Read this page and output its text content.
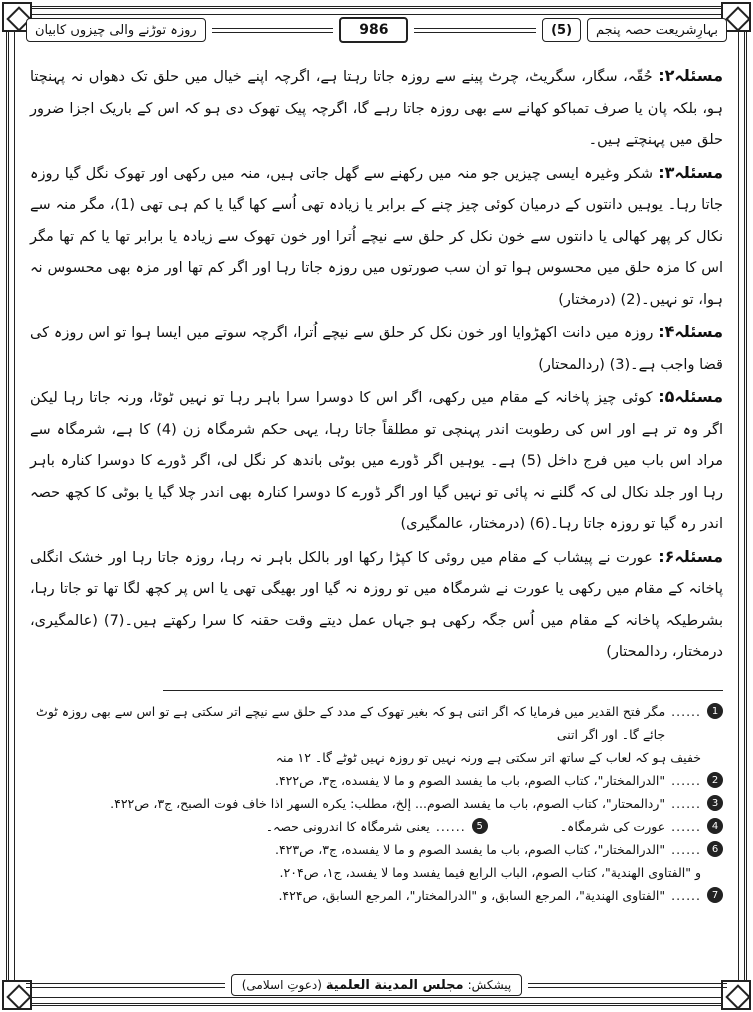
بہارِشریعت حصہ پنجم
(5)
986
روزہ توڑنے والی چیزوں کابیان

مسئلہ۲: حُقّہ، سگار، سگریٹ، چرٹ پینے سے روزہ جاتا رہتا ہے، اگرچہ اپنے خیال میں حلق تک دھواں نہ پہنچتا ہو، بلکہ پان یا صرف تمباکو کھانے سے بھی روزہ جاتا رہے گا، اگرچہ پیک تھوک دی ہو کہ اس کے باریک اجزا ضرور حلق میں پہنچتے ہیں۔

مسئلہ۳: شکر وغیرہ ایسی چیزیں جو منہ میں رکھنے سے گھل جاتی ہیں، منہ میں رکھی اور تھوک نگل گیا روزہ جاتا رہا۔ یوہیں دانتوں کے درمیان کوئی چیز چنے کے برابر یا زیادہ تھی اُسے کھا گیا یا کم ہی تھی (1)، مگر منہ سے نکال کر پھر کھالی یا دانتوں سے خون نکل کر حلق سے نیچے اُترا اور خون تھوک سے زیادہ یا برابر تھا یا کم تھا مگر اس کا مزہ حلق میں محسوس ہوا تو ان سب صورتوں میں روزہ جاتا رہا اور اگر کم تھا اور مزہ بھی محسوس نہ ہوا، تو نہیں۔(2) (درمختار)

مسئلہ۴: روزہ میں دانت اکھڑوایا اور خون نکل کر حلق سے نیچے اُترا، اگرچہ سوتے میں ایسا ہوا تو اس روزہ کی قضا واجب ہے۔(3) (ردالمحتار)

مسئلہ۵: کوئی چیز پاخانہ کے مقام میں رکھی، اگر اس کا دوسرا سرا باہر رہا تو نہیں ٹوٹا، ورنہ جاتا رہا لیکن اگر وہ تر ہے اور اس کی رطوبت اندر پہنچی تو مطلقاً جاتا رہا، یہی حکم شرمگاہ زن (4) کا ہے، شرمگاہ سے مراد اس باب میں فرج داخل (5) ہے۔ یوہیں اگر ڈورے میں بوٹی باندھ کر نگل لی، اگر ڈورے کا دوسرا کنارہ باہر رہا اور جلد نکال لی کہ گلنے نہ پائی تو نہیں گیا اور اگر ڈورے کا دوسرا کنارہ بھی اندر چلا گیا یا بوٹی کا کچھ حصہ اندر رہ گیا تو روزہ جاتا رہا۔(6) (درمختار، عالمگیری)

مسئلہ۶: عورت نے پیشاب کے مقام میں روئی کا کپڑا رکھا اور بالکل باہر نہ رہا، روزہ جاتا رہا اور خشک انگلی پاخانہ کے مقام میں رکھی یا عورت نے شرمگاہ میں تو روزہ نہ گیا اور بھیگی تھی یا اس پر کچھ لگا تھا تو جاتا رہا، بشرطیکہ پاخانہ کے مقام میں اُس جگہ رکھی ہو جہاں عمل دیتے وقت حقنہ کا سرا رکھتے ہیں۔(7) (عالمگیری، درمختار، ردالمحتار)

1
......
مگر فتح القدیر میں فرمایا کہ اگر اتنی ہو کہ بغیر تھوک کے مدد کے حلق سے نیچے اتر سکتی ہے تو اس سے بھی روزہ ٹوٹ جائے گا۔ اور اگر اتنی
خفیف ہو کہ لعاب کے ساتھ اتر سکتی ہے ورنہ نہیں تو روزہ نہیں ٹوٹے گا۔ ۱۲ منہ
2
......
"الدرالمختار"، کتاب الصوم، باب ما یفسد الصوم و ما لا یفسده، ج۳، ص۴۲۲.
3
......
"ردالمحتار"، کتاب الصوم، باب ما یفسد الصوم... إلخ، مطلب: یکره السهر اذا خاف فوت الصبح، ج۳، ص۴۲۲.
4
......
عورت کی شرمگاہ۔
5
......
یعنی شرمگاہ کا اندرونی حصہ۔
6
......
"الدرالمختار"، کتاب الصوم، باب ما یفسد الصوم و ما لا یفسده، ج۳، ص۴۲۳.
و "الفتاوی الهندیة"، کتاب الصوم، الباب الرابع فیما یفسد وما لا یفسد، ج۱، ص۲۰۴.
7
......
"الفتاوی الهندیة"، المرجع السابق، و "الدرالمختار"، المرجع السابق، ص۴۲۴.
پیشکش:
مجلس المدینة العلمیة
(دعوتِ اسلامی)
